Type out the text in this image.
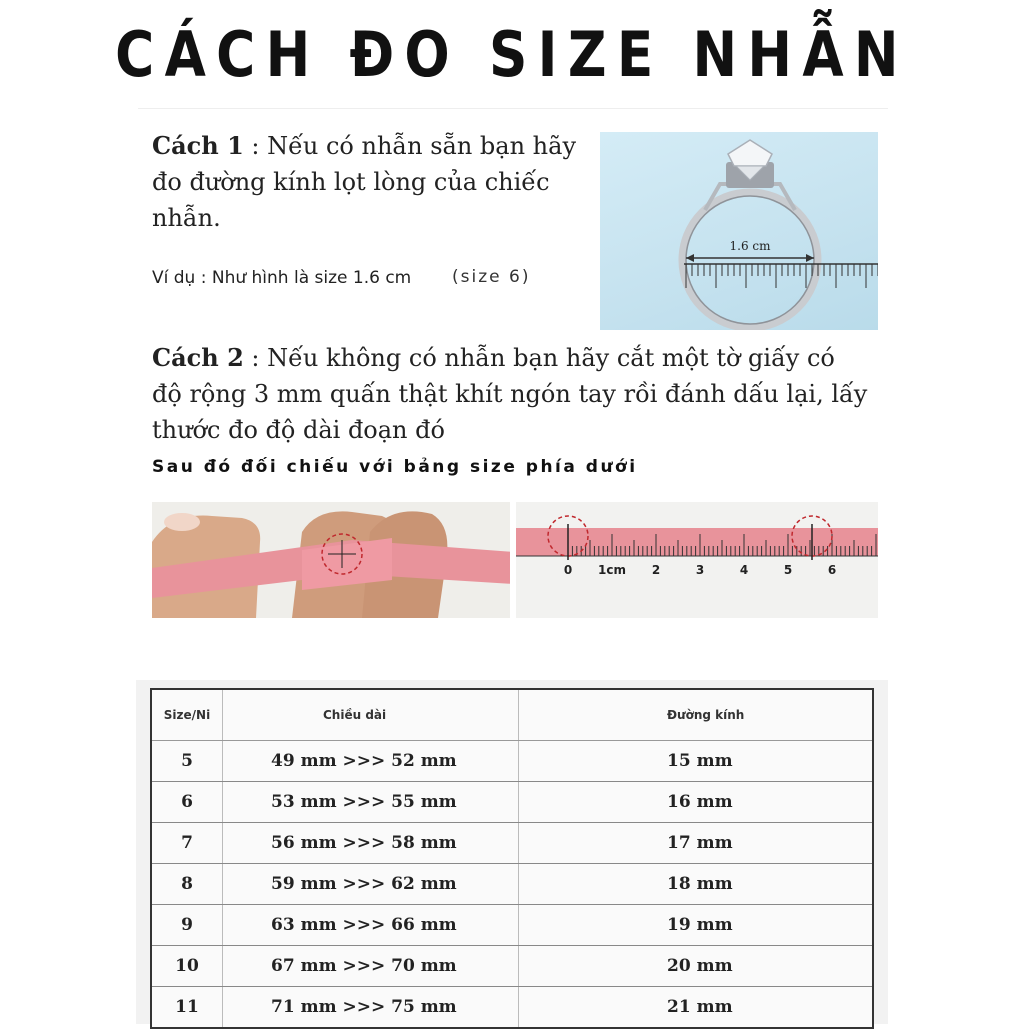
CÁCH ĐO SIZE NHẪN
Cách 1 : Nếu có nhẫn sẵn bạn hãy đo đường kính lọt lòng của chiếc nhẫn.
Ví dụ : Như hình là size 1.6 cm (size 6)
1.6 cm
Cách 2 : Nếu không có nhẫn bạn hãy cắt một tờ giấy có độ rộng 3 mm quấn thật khít ngón tay rồi đánh dấu lại, lấy thước đo độ dài đoạn đó
Sau đó đối chiếu với bảng size phía dưới
0 1cm 2	3	4	5	6
Size/Ni	Chiều dài	Đường kính
5	49 mm >>> 52 mm	15 mm
6	53 mm >>> 55 mm	16 mm
7	56 mm >>> 58 mm	17 mm
8	59 mm >>> 62 mm	18 mm
9	63 mm >>> 66 mm	19 mm
10	67 mm >>> 70 mm	20 mm
11	71 mm >>> 75 mm	21 mm
